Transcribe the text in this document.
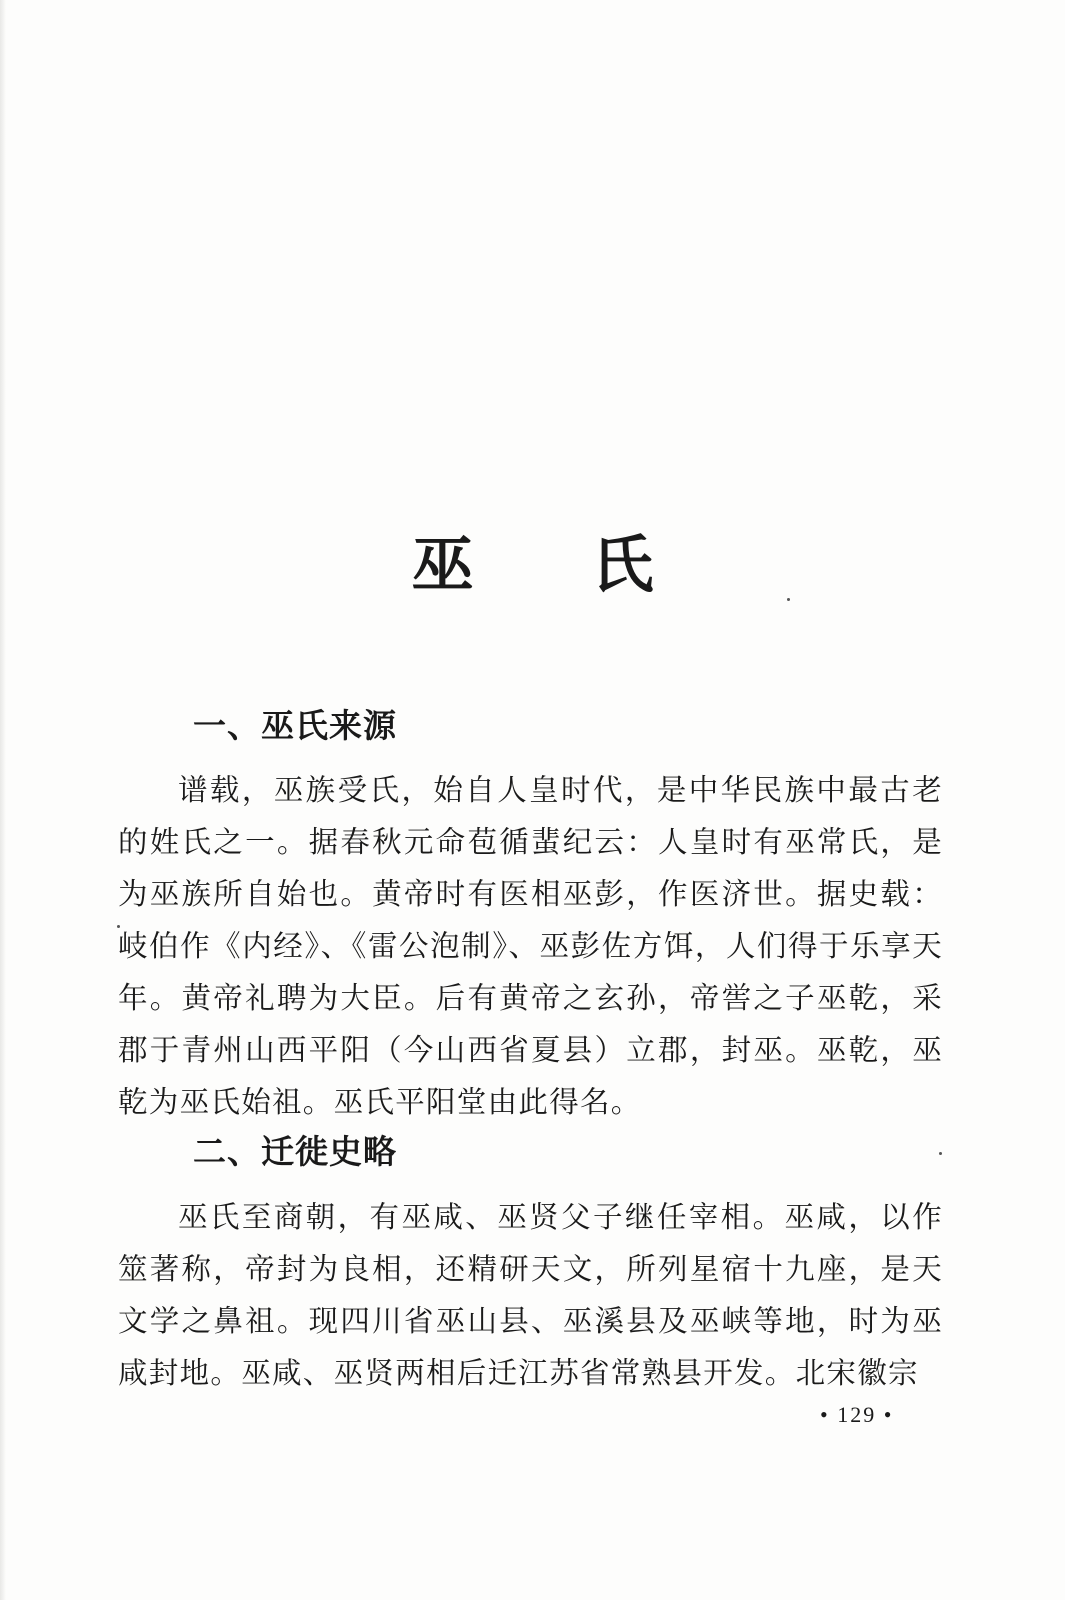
巫 氏
一、巫氏来源

谱载，巫族受氏，始自人皇时代，是中华民族中最古老的姓氏之一。据春秋元命苞循蜚纪云：人皇时有巫常氏，是为巫族所自始也。黄帝时有医相巫彭，作医济世。据史载：岐伯作《内经》、《雷公泡制》、巫彭佐方饵，人们得于乐享天年。黄帝礼聘为大臣。后有黄帝之玄孙，帝喾之子巫乾，采郡于青州山西平阳（今山西省夏县）立郡，封巫。巫乾，巫乾为巫氏始祖。巫氏平阳堂由此得名。

二、迁徙史略

巫氏至商朝，有巫咸、巫贤父子继任宰相。巫咸，以作筮著称，帝封为良相，还精研天文，所列星宿十九座，是天文学之鼻祖。现四川省巫山县、巫溪县及巫峡等地，时为巫咸封地。巫咸、巫贤两相后迁江苏省常熟县开发。北宋徽宗

• 129 •
